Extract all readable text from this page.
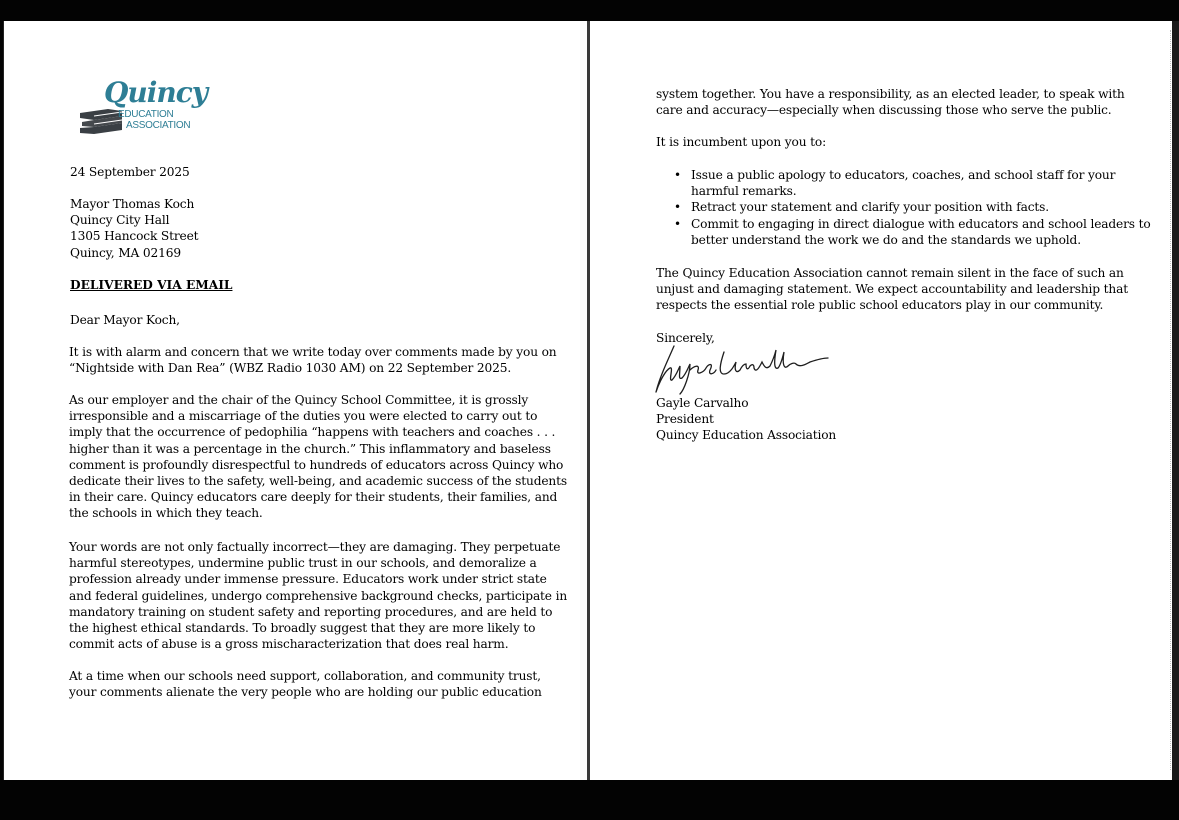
Quincy
EDUCATION
ASSOCIATION
24 September 2025
Mayor Thomas Koch
Quincy City Hall
1305 Hancock Street
Quincy, MA 02169
DELIVERED VIA EMAIL
Dear Mayor Koch,
It is with alarm and concern that we write today over comments made by you on
“Nightside with Dan Rea” (WBZ Radio 1030 AM) on 22 September 2025.
As our employer and the chair of the Quincy School Committee, it is grossly
irresponsible and a miscarriage of the duties you were elected to carry out to
imply that the occurrence of pedophilia “happens with teachers and coaches . . .
higher than it was a percentage in the church.” This inflammatory and baseless
comment is profoundly disrespectful to hundreds of educators across Quincy who
dedicate their lives to the safety, well-being, and academic success of the students
in their care. Quincy educators care deeply for their students, their families, and
the schools in which they teach.
Your words are not only factually incorrect—they are damaging. They perpetuate
harmful stereotypes, undermine public trust in our schools, and demoralize a
profession already under immense pressure. Educators work under strict state
and federal guidelines, undergo comprehensive background checks, participate in
mandatory training on student safety and reporting procedures, and are held to
the highest ethical standards. To broadly suggest that they are more likely to
commit acts of abuse is a gross mischaracterization that does real harm.
At a time when our schools need support, collaboration, and community trust,
your comments alienate the very people who are holding our public education
system together. You have a responsibility, as an elected leader, to speak with
care and accuracy—especially when discussing those who serve the public.
It is incumbent upon you to:
• Issue a public apology to educators, coaches, and school staff for your
harmful remarks.
• Retract your statement and clarify your position with facts.
• Commit to engaging in direct dialogue with educators and school leaders to
better understand the work we do and the standards we uphold.
The Quincy Education Association cannot remain silent in the face of such an
unjust and damaging statement. We expect accountability and leadership that
respects the essential role public school educators play in our community.
Sincerely,
Gayle Carvalho
President
Quincy Education Association
